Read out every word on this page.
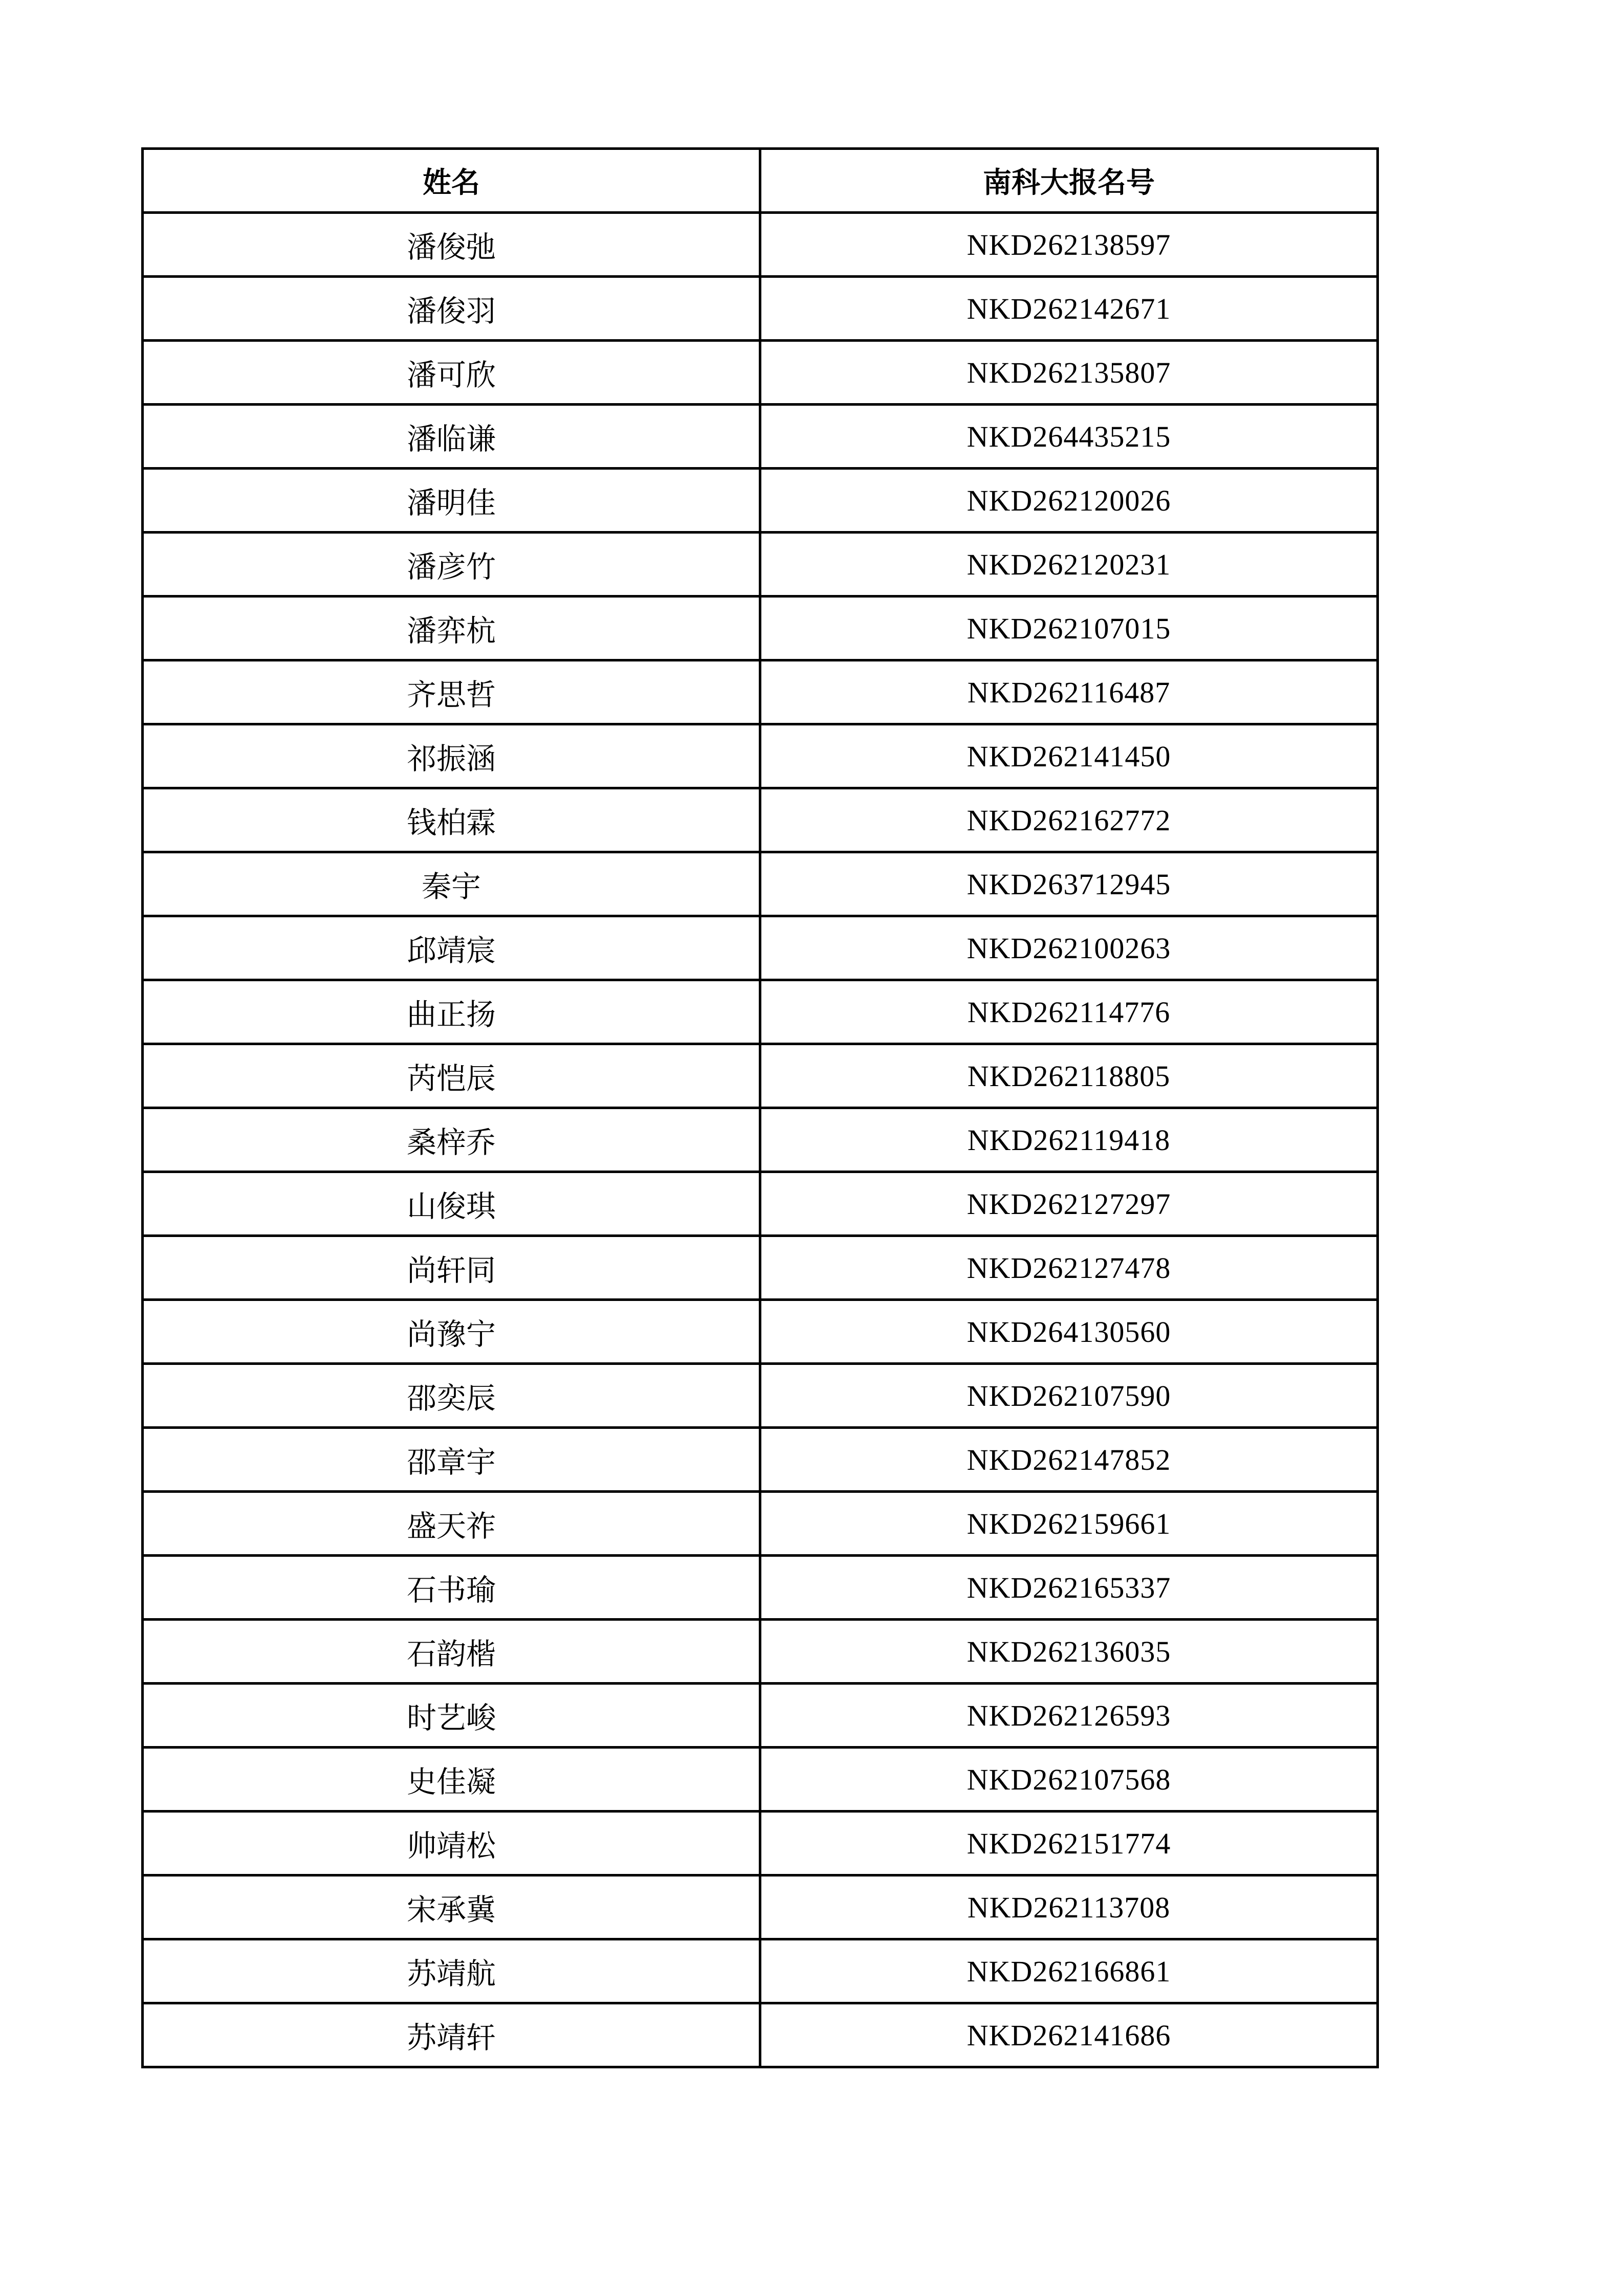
姓名	南科大报名号
潘俊弛	NKD262138597
潘俊羽	NKD262142671
潘可欣	NKD262135807
潘临谦	NKD264435215
潘明佳	NKD262120026
潘彦竹	NKD262120231
潘弈杭	NKD262107015
齐思哲	NKD262116487
祁振涵	NKD262141450
钱柏霖	NKD262162772
秦宇	NKD263712945
邱靖宸	NKD262100263
曲正扬	NKD262114776
芮恺辰	NKD262118805
桑梓乔	NKD262119418
山俊琪	NKD262127297
尚轩同	NKD262127478
尚豫宁	NKD264130560
邵奕辰	NKD262107590
邵章宇	NKD262147852
盛天祚	NKD262159661
石书瑜	NKD262165337
石韵楷	NKD262136035
时艺峻	NKD262126593
史佳凝	NKD262107568
帅靖松	NKD262151774
宋承冀	NKD262113708
苏靖航	NKD262166861
苏靖轩	NKD262141686
